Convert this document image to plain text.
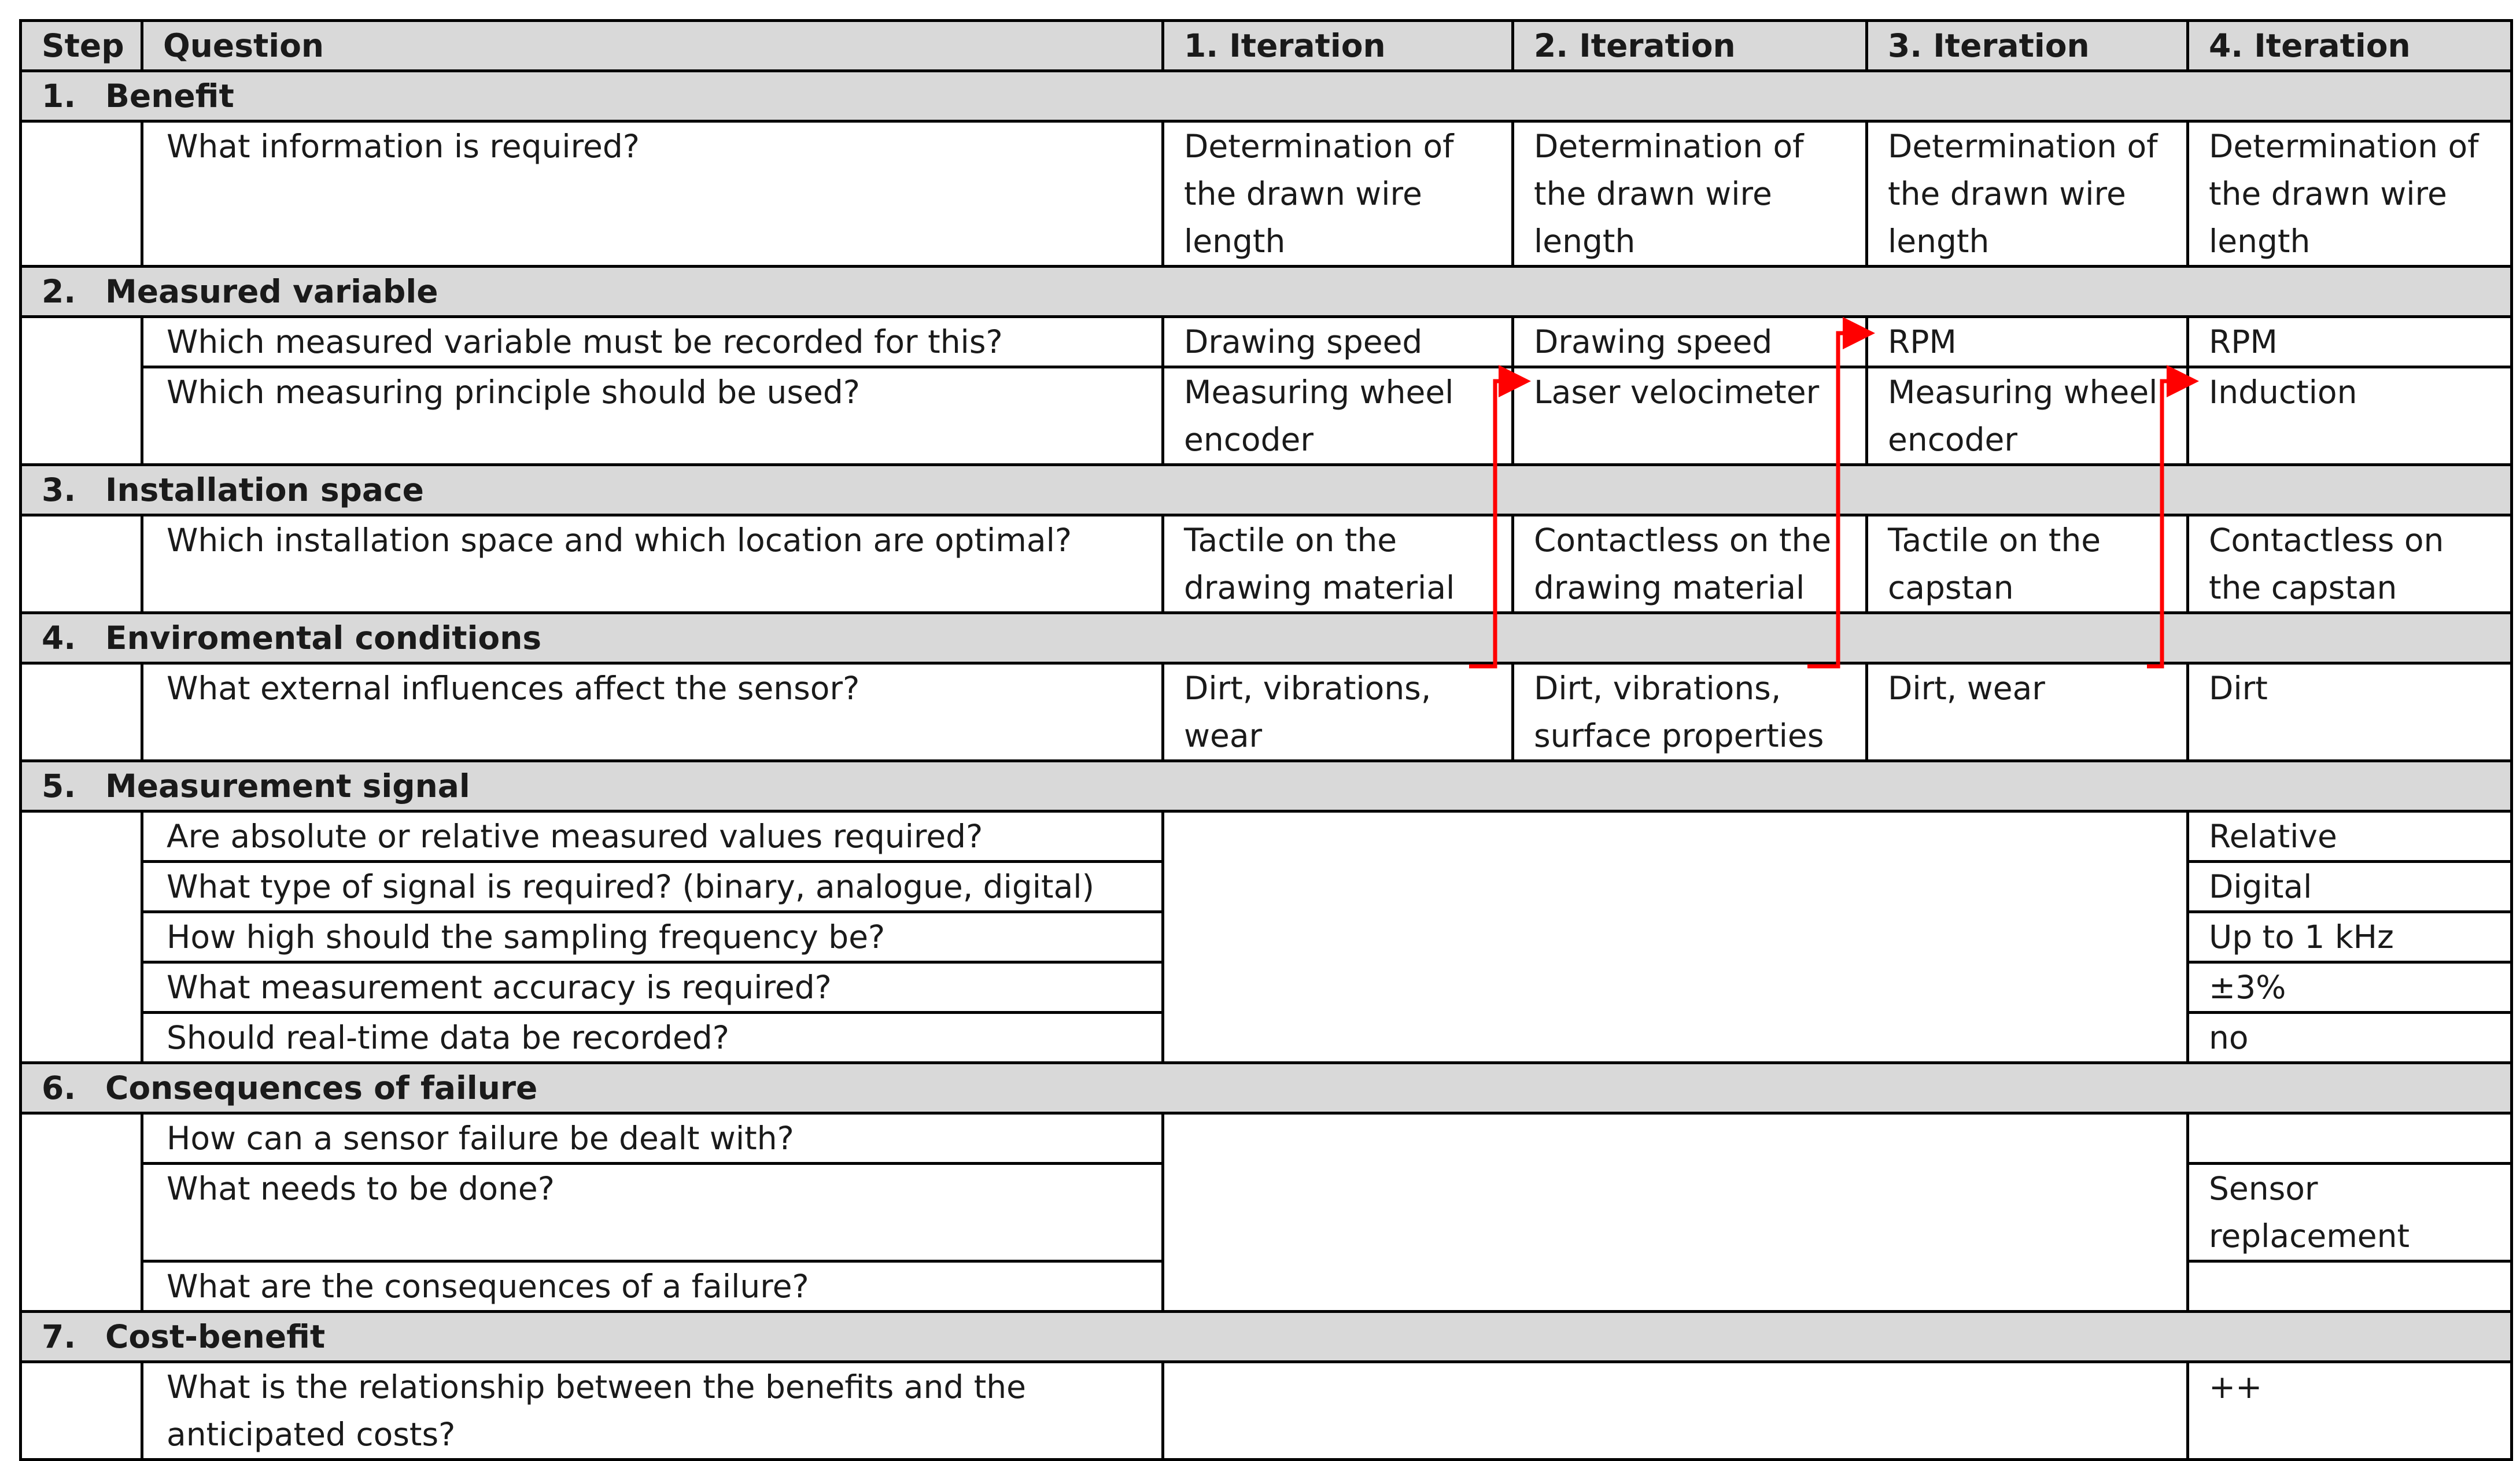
Step	Question	1. Iteration	2. Iteration	3. Iteration	4. Iteration
1. Benefit					
	What information is required?	Determination of the drawn wire length	Determination of the drawn wire length	Determination of the drawn wire length	Determination of the drawn wire length
2. Measured variable					
	Which measured variable must be recorded for this?	Drawing speed	Drawing speed	RPM	RPM
	Which measuring principle should be used?	Measuring wheel encoder	Laser velocimeter	Measuring wheel encoder	Induction
3. Installation space					
	Which installation space and which location are optimal?	Tactile on the drawing material	Contactless on the drawing material	Tactile on the capstan	Contactless on the capstan
4. Enviromental conditions					
	What external influences affect the sensor?	Dirt, vibrations, wear	Dirt, vibrations, surface properties	Dirt, wear	Dirt
5. Measurement signal					
	Are absolute or relative measured values required?				Relative
	What type of signal is required? (binary, analogue, digital)				Digital
	How high should the sampling frequency be?				Up to 1 kHz
	What measurement accuracy is required?				±3%
	Should real-time data be recorded?				no
6. Consequences of failure					
	How can a sensor failure be dealt with?				
	What needs to be done?				Sensor replacement
	What are the consequences of a failure?				
7. Cost-benefit					
	What is the relationship between the benefits and the anticipated costs?				++
